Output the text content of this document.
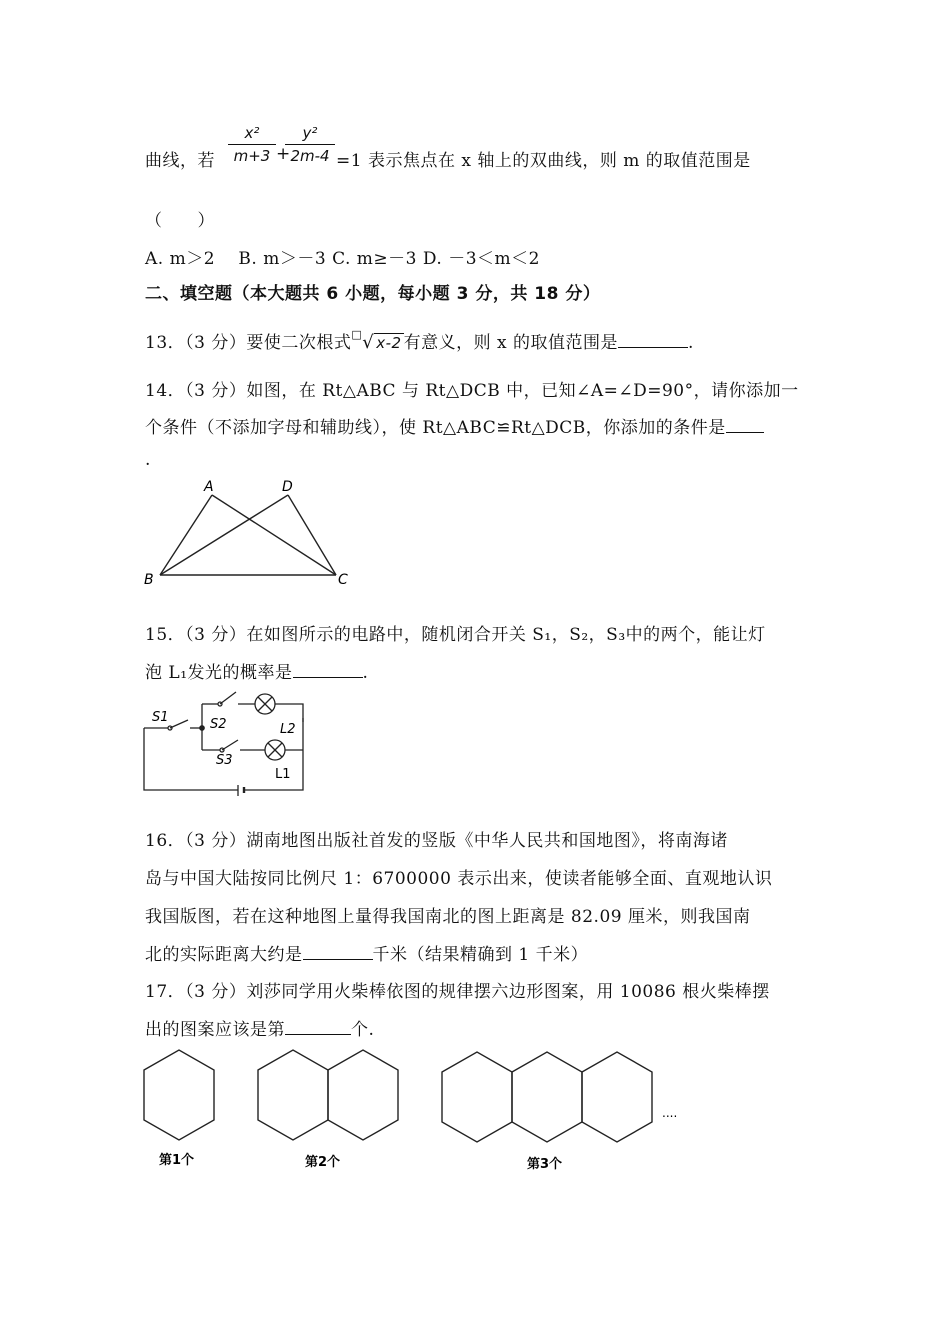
曲线，若
x²
m+3 +
y²
2m-4 =1 表示焦点在 x 轴上的双曲线，则 m 的取值范围是
（　　）
A. m＞2　 B. m＞－3 C. m≥－3 D. －3＜m＜2
二、填空题（本大题共 6 小题，每小题 3 分，共 18 分）
13．（3 分）要使二次根式□√ x-2 有意义，则 x 的取值范围是	.
14．（3 分）如图，在 Rt△ABC 与 Rt△DCB 中，已知∠A=∠D=90°，请你添加一
个条件（不添加字母和辅助线），使 Rt△ABC≌Rt△DCB，你添加的条件是
.
A	D
B	C
15．（3 分）在如图所示的电路中，随机闭合开关 S₁，S₂，S₃中的两个，能让灯
泡 L₁发光的概率是	.
S1	S2
S3
L2
L1
16．（3 分）湖南地图出版社首发的竖版《中华人民共和国地图》，将南海诸
岛与中国大陆按同比例尺 1：6700000 表示出来，使读者能够全面、直观地认识
我国版图，若在这种地图上量得我国南北的图上距离是 82.09 厘米，则我国南
北的实际距离大约是	千米（结果精确到 1 千米）
17．（3 分）刘莎同学用火柴棒依图的规律摆六边形图案，用 10086 根火柴棒摆
出的图案应该是第	个.
....
第1个	第2个	第3个
